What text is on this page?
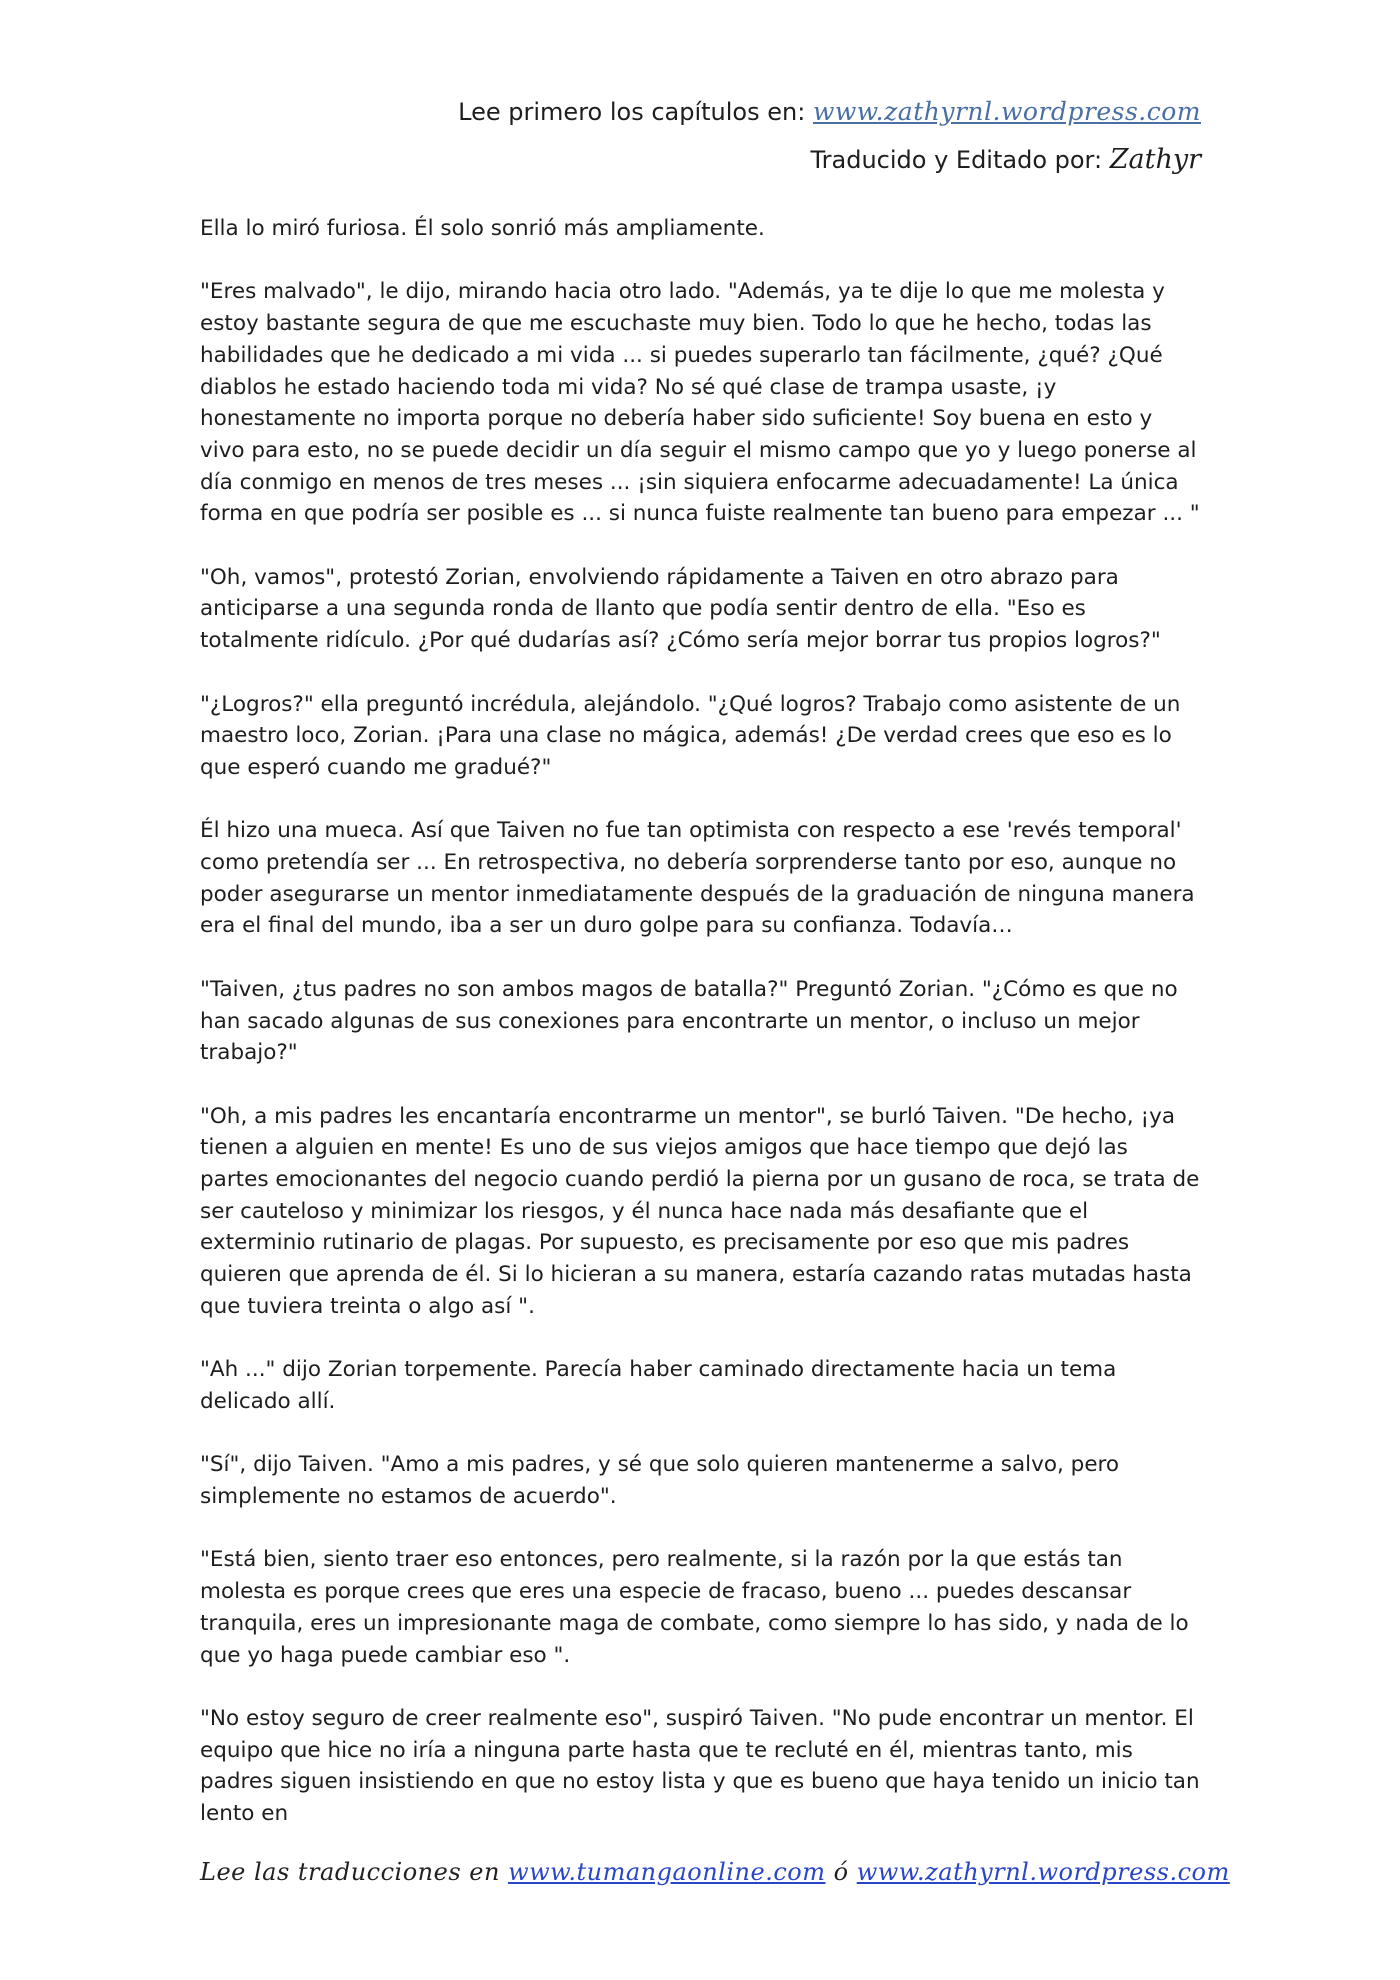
Lee primero los capítulos en: www.zathyrnl.wordpress.com
Traducido y Editado por: Zathyr

Ella lo miró furiosa. Él solo sonrió más ampliamente.

"Eres malvado", le dijo, mirando hacia otro lado. "Además, ya te dije lo que me molesta y estoy bastante segura de que me escuchaste muy bien. Todo lo que he hecho, todas las habilidades que he dedicado a mi vida ... si puedes superarlo tan fácilmente, ¿qué? ¿Qué diablos he estado haciendo toda mi vida? No sé qué clase de trampa usaste, ¡y honestamente no importa porque no debería haber sido suficiente! Soy buena en esto y vivo para esto, no se puede decidir un día seguir el mismo campo que yo y luego ponerse al día conmigo en menos de tres meses ... ¡sin siquiera enfocarme adecuadamente! La única forma en que podría ser posible es ... si nunca fuiste realmente tan bueno para empezar ... "

"Oh, vamos", protestó Zorian, envolviendo rápidamente a Taiven en otro abrazo para anticiparse a una segunda ronda de llanto que podía sentir dentro de ella. "Eso es totalmente ridículo. ¿Por qué dudarías así? ¿Cómo sería mejor borrar tus propios logros?"

"¿Logros?" ella preguntó incrédula, alejándolo. "¿Qué logros? Trabajo como asistente de un maestro loco, Zorian. ¡Para una clase no mágica, además! ¿De verdad crees que eso es lo que esperó cuando me gradué?"

Él hizo una mueca. Así que Taiven no fue tan optimista con respecto a ese 'revés temporal' como pretendía ser ... En retrospectiva, no debería sorprenderse tanto por eso, aunque no poder asegurarse un mentor inmediatamente después de la graduación de ninguna manera era el final del mundo, iba a ser un duro golpe para su confianza. Todavía…

"Taiven, ¿tus padres no son ambos magos de batalla?" Preguntó Zorian. "¿Cómo es que no han sacado algunas de sus conexiones para encontrarte un mentor, o incluso un mejor trabajo?"

"Oh, a mis padres les encantaría encontrarme un mentor", se burló Taiven. "De hecho, ¡ya tienen a alguien en mente! Es uno de sus viejos amigos que hace tiempo que dejó las partes emocionantes del negocio cuando perdió la pierna por un gusano de roca, se trata de ser cauteloso y minimizar los riesgos, y él nunca hace nada más desafiante que el exterminio rutinario de plagas. Por supuesto, es precisamente por eso que mis padres quieren que aprenda de él. Si lo hicieran a su manera, estaría cazando ratas mutadas hasta que tuviera treinta o algo así ".

"Ah ..." dijo Zorian torpemente. Parecía haber caminado directamente hacia un tema delicado allí.

"Sí", dijo Taiven. "Amo a mis padres, y sé que solo quieren mantenerme a salvo, pero simplemente no estamos de acuerdo".

"Está bien, siento traer eso entonces, pero realmente, si la razón por la que estás tan molesta es porque crees que eres una especie de fracaso, bueno ... puedes descansar tranquila, eres un impresionante maga de combate, como siempre lo has sido, y nada de lo que yo haga puede cambiar eso ".

"No estoy seguro de creer realmente eso", suspiró Taiven. "No pude encontrar un mentor. El equipo que hice no iría a ninguna parte hasta que te recluté en él, mientras tanto, mis padres siguen insistiendo en que no estoy lista y que es bueno que haya tenido un inicio tan lento en

Lee las traducciones en www.tumangaonline.com ó www.zathyrnl.wordpress.com
